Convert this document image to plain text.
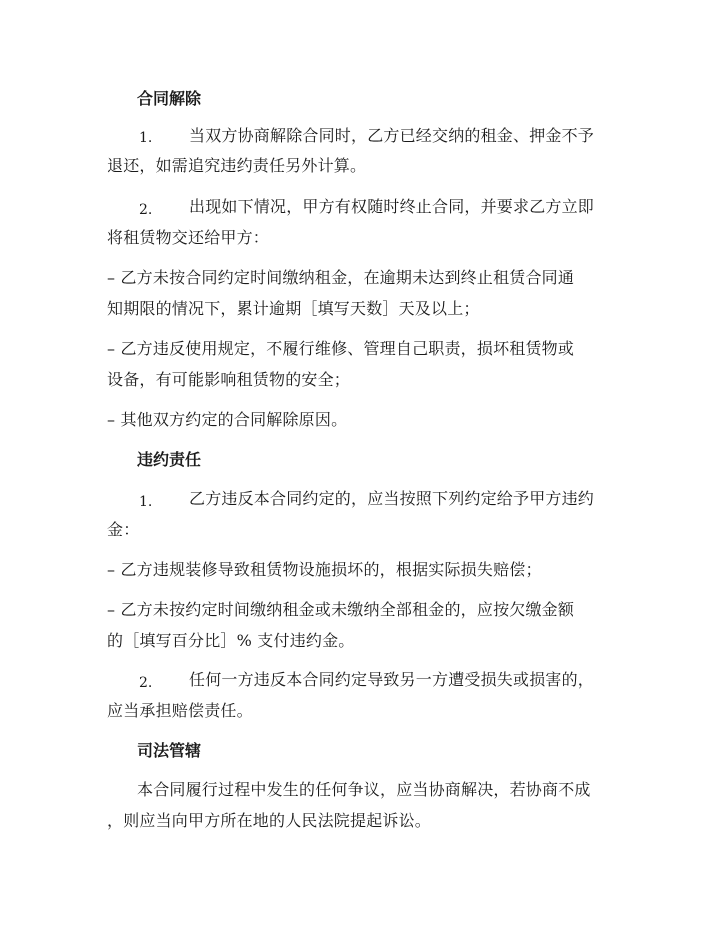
合同解除
1. 当双方协商解除合同时，乙方已经交纳的租金、押金不予
退还，如需追究违约责任另外计算。
2. 出现如下情况，甲方有权随时终止合同，并要求乙方立即
将租赁物交还给甲方：
– 乙方未按合同约定时间缴纳租金，在逾期未达到终止租赁合同通
知期限的情况下，累计逾期［填写天数］天及以上；
– 乙方违反使用规定，不履行维修、管理自己职责，损坏租赁物或
设备，有可能影响租赁物的安全；
– 其他双方约定的合同解除原因。
违约责任
1. 乙方违反本合同约定的，应当按照下列约定给予甲方违约
金：
– 乙方违规装修导致租赁物设施损坏的，根据实际损失赔偿；
– 乙方未按约定时间缴纳租金或未缴纳全部租金的，应按欠缴金额
的［填写百分比］% 支付违约金。
2. 任何一方违反本合同约定导致另一方遭受损失或损害的，
应当承担赔偿责任。
司法管辖
本合同履行过程中发生的任何争议，应当协商解决，若协商不成
，则应当向甲方所在地的人民法院提起诉讼。
